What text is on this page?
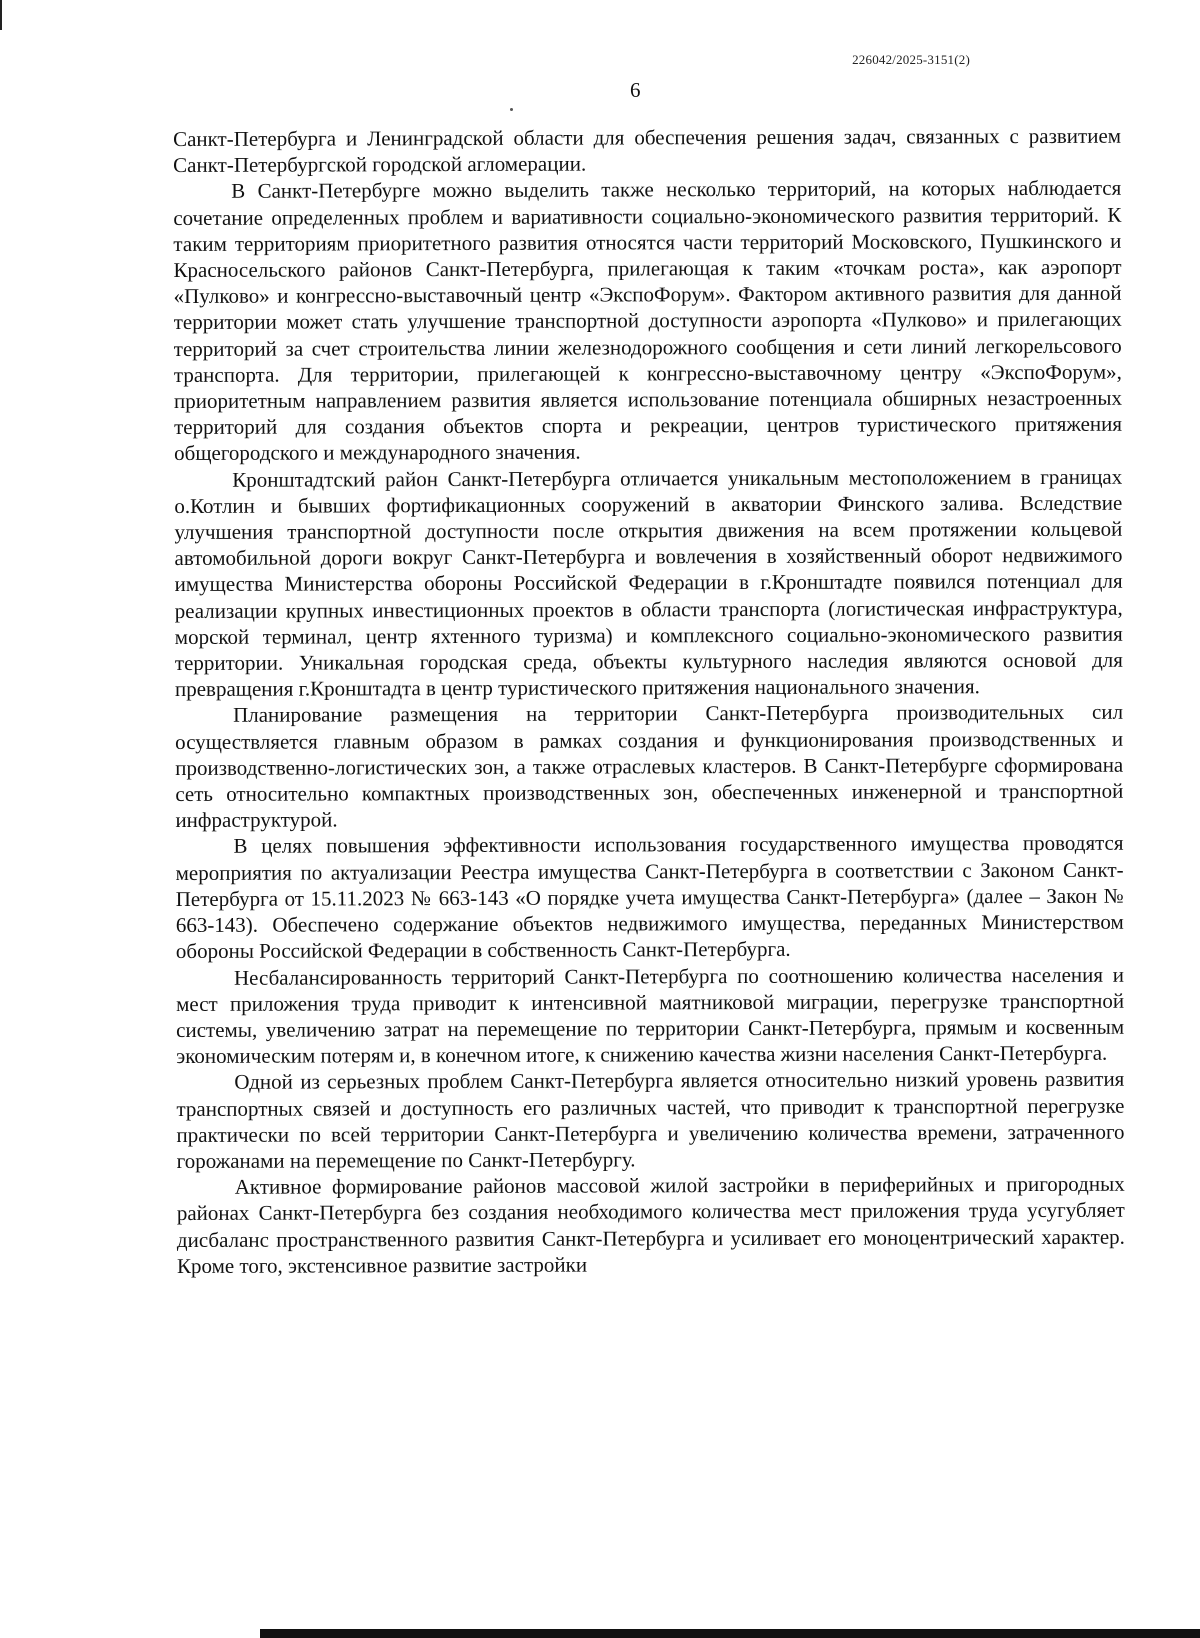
226042/2025-3151(2)
6

Санкт-Петербурга и Ленинградской области для обеспечения решения задач, связанных с развитием Санкт-Петербургской городской агломерации.

В Санкт-Петербурге можно выделить также несколько территорий, на которых наблюдается сочетание определенных проблем и вариативности социально-экономического развития территорий. К таким территориям приоритетного развития относятся части территорий Московского, Пушкинского и Красносельского районов Санкт-Петербурга, прилегающая к таким «точкам роста», как аэропорт «Пулково» и конгрессно-выставочный центр «ЭкспоФорум». Фактором активного развития для данной территории может стать улучшение транспортной доступности аэропорта «Пулково» и прилегающих территорий за счет строительства линии железнодорожного сообщения и сети линий легкорельсового транспорта. Для территории, прилегающей к конгрессно-выставочному центру «ЭкспоФорум», приоритетным направлением развития является использование потенциала обширных незастроенных территорий для создания объектов спорта и рекреации, центров туристического притяжения общегородского и международного значения.

Кронштадтский район Санкт-Петербурга отличается уникальным местоположением в границах о.Котлин и бывших фортификационных сооружений в акватории Финского залива. Вследствие улучшения транспортной доступности после открытия движения на всем протяжении кольцевой автомобильной дороги вокруг Санкт-Петербурга и вовлечения в хозяйственный оборот недвижимого имущества Министерства обороны Российской Федерации в г.Кронштадте появился потенциал для реализации крупных инвестиционных проектов в области транспорта (логистическая инфраструктура, морской терминал, центр яхтенного туризма) и комплексного социально-экономического развития территории. Уникальная городская среда, объекты культурного наследия являются основой для превращения г.Кронштадта в центр туристического притяжения национального значения.

Планирование размещения на территории Санкт-Петербурга производительных сил осуществляется главным образом в рамках создания и функционирования производственных и производственно-логистических зон, а также отраслевых кластеров. В Санкт-Петербурге сформирована сеть относительно компактных производственных зон, обеспеченных инженерной и транспортной инфраструктурой.

В целях повышения эффективности использования государственного имущества проводятся мероприятия по актуализации Реестра имущества Санкт-Петербурга в соответствии с Законом Санкт-Петербурга от 15.11.2023 № 663-143 «О порядке учета имущества Санкт-Петербурга» (далее – Закон № 663-143). Обеспечено содержание объектов недвижимого имущества, переданных Министерством обороны Российской Федерации в собственность Санкт-Петербурга.

Несбалансированность территорий Санкт-Петербурга по соотношению количества населения и мест приложения труда приводит к интенсивной маятниковой миграции, перегрузке транспортной системы, увеличению затрат на перемещение по территории Санкт-Петербурга, прямым и косвенным экономическим потерям и, в конечном итоге, к снижению качества жизни населения Санкт-Петербурга.

Одной из серьезных проблем Санкт-Петербурга является относительно низкий уровень развития транспортных связей и доступность его различных частей, что приводит к транспортной перегрузке практически по всей территории Санкт-Петербурга и увеличению количества времени, затраченного горожанами на перемещение по Санкт-Петербургу.

Активное формирование районов массовой жилой застройки в периферийных и пригородных районах Санкт-Петербурга без создания необходимого количества мест приложения труда усугубляет дисбаланс пространственного развития Санкт-Петербурга и усиливает его моноцентрический характер. Кроме того, экстенсивное развитие застройки
